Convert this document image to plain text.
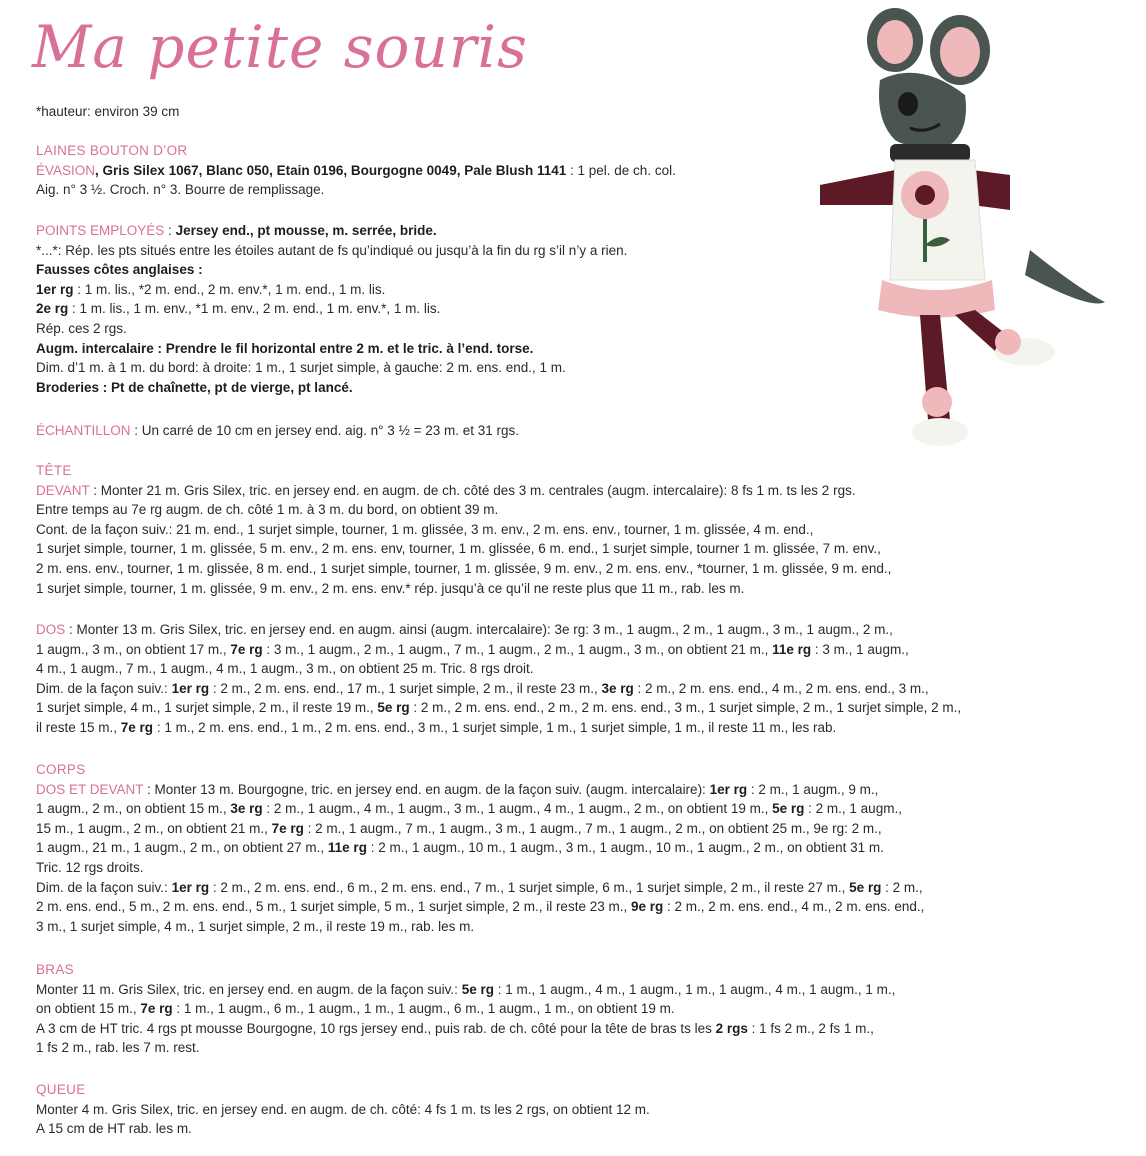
Ma petite souris

*hauteur: environ 39 cm

LAINES BOUTON D’OR

ÉVASION, Gris Silex 1067, Blanc 050, Etain 0196, Bourgogne 0049, Pale Blush 1141 : 1 pel. de ch. col.

Aig. n° 3 ½. Croch. n° 3. Bourre de remplissage.

POINTS EMPLOYÉS : Jersey end., pt mousse, m. serrée, bride.

*...*: Rép. les pts situés entre les étoiles autant de fs qu’indiqué ou jusqu’à la fin du rg s’il n’y a rien.

Fausses côtes anglaises :

1er rg : 1 m. lis., *2 m. end., 2 m. env.*, 1 m. end., 1 m. lis.

2e rg : 1 m. lis., 1 m. env., *1 m. env., 2 m. end., 1 m. env.*, 1 m. lis.

Rép. ces 2 rgs.

Augm. intercalaire : Prendre le fil horizontal entre 2 m. et le tric. à l’end. torse.

Dim. d’1 m. à 1 m. du bord: à droite: 1 m., 1 surjet simple, à gauche: 2 m. ens. end., 1 m.

Broderies : Pt de chaînette, pt de vierge, pt lancé.

ÉCHANTILLON : Un carré de 10 cm en jersey end. aig. n° 3 ½ = 23 m. et 31 rgs.

TÊTE

DEVANT : Monter 21 m. Gris Silex, tric. en jersey end. en augm. de ch. côté des 3 m. centrales (augm. intercalaire): 8 fs 1 m. ts les 2 rgs.

Entre temps au 7e rg augm. de ch. côté 1 m. à 3 m. du bord, on obtient 39 m.

Cont. de la façon suiv.: 21 m. end., 1 surjet simple, tourner, 1 m. glissée, 3 m. env., 2 m. ens. env., tourner, 1 m. glissée, 4 m. end.,

1 surjet simple, tourner, 1 m. glissée, 5 m. env., 2 m. ens. env, tourner, 1 m. glissée, 6 m. end., 1 surjet simple, tourner 1 m. glissée, 7 m. env.,

2 m. ens. env., tourner, 1 m. glissée, 8 m. end., 1 surjet simple, tourner, 1 m. glissée, 9 m. env., 2 m. ens. env., *tourner, 1 m. glissée, 9 m. end.,

1 surjet simple, tourner, 1 m. glissée, 9 m. env., 2 m. ens. env.* rép. jusqu’à ce qu’il ne reste plus que 11 m., rab. les m.

DOS : Monter 13 m. Gris Silex, tric. en jersey end. en augm. ainsi (augm. intercalaire): 3e rg: 3 m., 1 augm., 2 m., 1 augm., 3 m., 1 augm., 2 m.,

1 augm., 3 m., on obtient 17 m., 7e rg : 3 m., 1 augm., 2 m., 1 augm., 7 m., 1 augm., 2 m., 1 augm., 3 m., on obtient 21 m., 11e rg : 3 m., 1 augm.,

4 m., 1 augm., 7 m., 1 augm., 4 m., 1 augm., 3 m., on obtient 25 m. Tric. 8 rgs droit.

Dim. de la façon suiv.: 1er rg : 2 m., 2 m. ens. end., 17 m., 1 surjet simple, 2 m., il reste 23 m., 3e rg : 2 m., 2 m. ens. end., 4 m., 2 m. ens. end., 3 m.,

1 surjet simple, 4 m., 1 surjet simple, 2 m., il reste 19 m., 5e rg : 2 m., 2 m. ens. end., 2 m., 2 m. ens. end., 3 m., 1 surjet simple, 2 m., 1 surjet simple, 2 m.,

il reste 15 m., 7e rg : 1 m., 2 m. ens. end., 1 m., 2 m. ens. end., 3 m., 1 surjet simple, 1 m., 1 surjet simple, 1 m., il reste 11 m., les rab.

CORPS

DOS ET DEVANT : Monter 13 m. Bourgogne, tric. en jersey end. en augm. de la façon suiv. (augm. intercalaire): 1er rg : 2 m., 1 augm., 9 m.,

1 augm., 2 m., on obtient 15 m., 3e rg : 2 m., 1 augm., 4 m., 1 augm., 3 m., 1 augm., 4 m., 1 augm., 2 m., on obtient 19 m., 5e rg : 2 m., 1 augm.,

15 m., 1 augm., 2 m., on obtient 21 m., 7e rg : 2 m., 1 augm., 7 m., 1 augm., 3 m., 1 augm., 7 m., 1 augm., 2 m., on obtient 25 m., 9e rg: 2 m.,

1 augm., 21 m., 1 augm., 2 m., on obtient 27 m., 11e rg : 2 m., 1 augm., 10 m., 1 augm., 3 m., 1 augm., 10 m., 1 augm., 2 m., on obtient 31 m.

Tric. 12 rgs droits.

Dim. de la façon suiv.: 1er rg : 2 m., 2 m. ens. end., 6 m., 2 m. ens. end., 7 m., 1 surjet simple, 6 m., 1 surjet simple, 2 m., il reste 27 m., 5e rg : 2 m.,

2 m. ens. end., 5 m., 2 m. ens. end., 5 m., 1 surjet simple, 5 m., 1 surjet simple, 2 m., il reste 23 m., 9e rg : 2 m., 2 m. ens. end., 4 m., 2 m. ens. end.,

3 m., 1 surjet simple, 4 m., 1 surjet simple, 2 m., il reste 19 m., rab. les m.

BRAS

Monter 11 m. Gris Silex, tric. en jersey end. en augm. de la façon suiv.: 5e rg : 1 m., 1 augm., 4 m., 1 augm., 1 m., 1 augm., 4 m., 1 augm., 1 m.,

on obtient 15 m., 7e rg : 1 m., 1 augm., 6 m., 1 augm., 1 m., 1 augm., 6 m., 1 augm., 1 m., on obtient 19 m.

A 3 cm de HT tric. 4 rgs pt mousse Bourgogne, 10 rgs jersey end., puis rab. de ch. côté pour la tête de bras ts les 2 rgs : 1 fs 2 m., 2 fs 1 m.,

1 fs 2 m., rab. les 7 m. rest.

QUEUE

Monter 4 m. Gris Silex, tric. en jersey end. en augm. de ch. côté: 4 fs 1 m. ts les 2 rgs, on obtient 12 m.

A 15 cm de HT rab. les m.
